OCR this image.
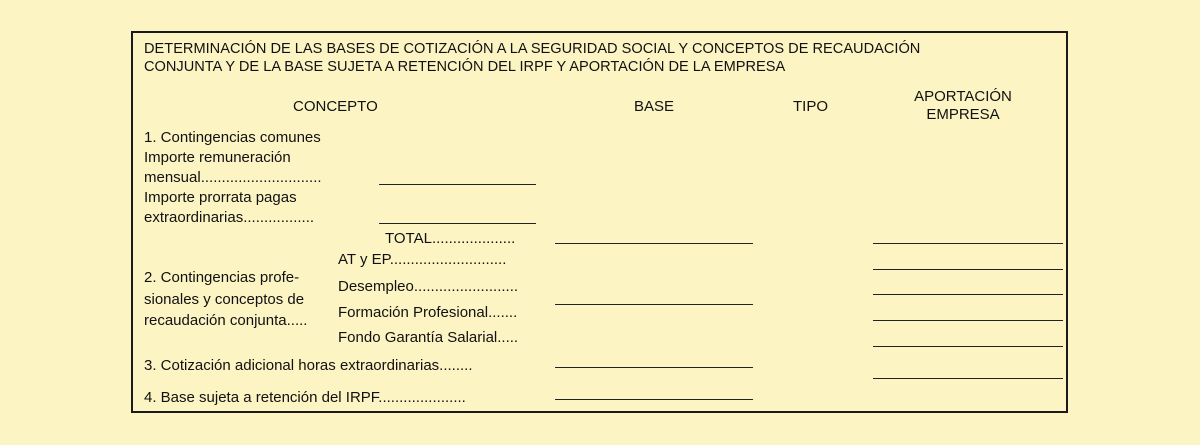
DETERMINACIÓN DE LAS BASES DE COTIZACIÓN A LA SEGURIDAD SOCIAL Y CONCEPTOS DE RECAUDACIÓN
CONJUNTA Y DE LA BASE SUJETA A RETENCIÓN DEL IRPF Y APORTACIÓN DE LA EMPRESA
CONCEPTO	BASE	TIPO
APORTACIÓN
EMPRESA
1. Contingencias comunes
Importe remuneración
mensual.............................
Importe prorrata pagas
extraordinarias.................
TOTAL....................
2. Contingencias profe-
sionales y conceptos de
recaudación conjunta.....
AT y EP............................
Desempleo.........................
Formación Profesional.......
Fondo Garantía Salarial.....
3. Cotización adicional horas extraordinarias........
4. Base sujeta a retención del IRPF.....................
